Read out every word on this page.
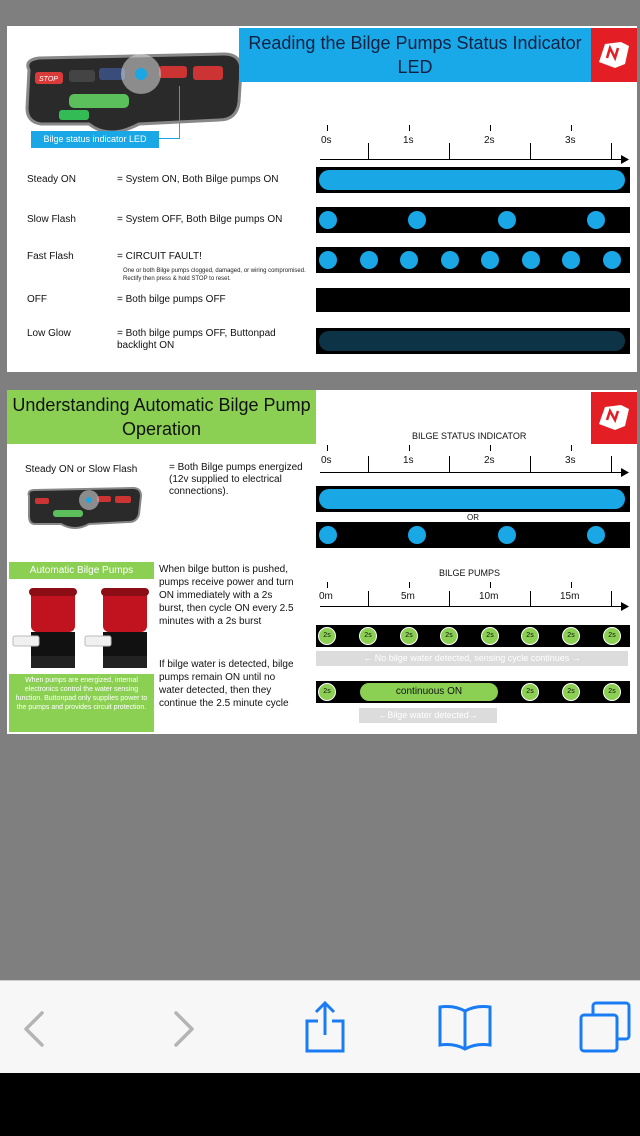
STOP
Bilge status indicator LED
Reading the Bilge Pumps Status Indicator LED
0s	1s	2s	3s
Steady ON	= System ON, Both Bilge pumps ON
Slow Flash	= System OFF, Both Bilge pumps ON
Fast Flash	= CIRCUIT FAULT!
One or both Bilge pumps clogged, damaged, or wiring compromised. Rectify then press & hold STOP to reset.
OFF	= Both bilge pumps OFF
Low Glow	= Both bilge pumps OFF, Buttonpad backlight ON
Understanding Automatic Bilge Pump Operation	BILGE STATUS INDICATOR
0s	1s	2s	3s
Steady ON or Slow Flash	= Both Bilge pumps energized (12v supplied to electrical connections).
OR
Automatic Bilge Pumps
When pumps are energized, internal electronics control the water sensing function. Buttonpad only supplies power to the pumps and provides circuit protection.
When bilge button is pushed, pumps receive power and turn ON immediately with a 2s burst, then cycle ON every 2.5 minutes with a 2s burst
If bilge water is detected, bilge pumps remain ON until no water detected, then they continue the 2.5 minute cycle
BILGE PUMPS
0m	5m	10m	15m
2s	2s	2s	2s	2s	2s	2s	2s
← No bilge water detected, sensing cycle continues →
2s	continuous ON	2s	2s	2s
←Bilge water detected→
